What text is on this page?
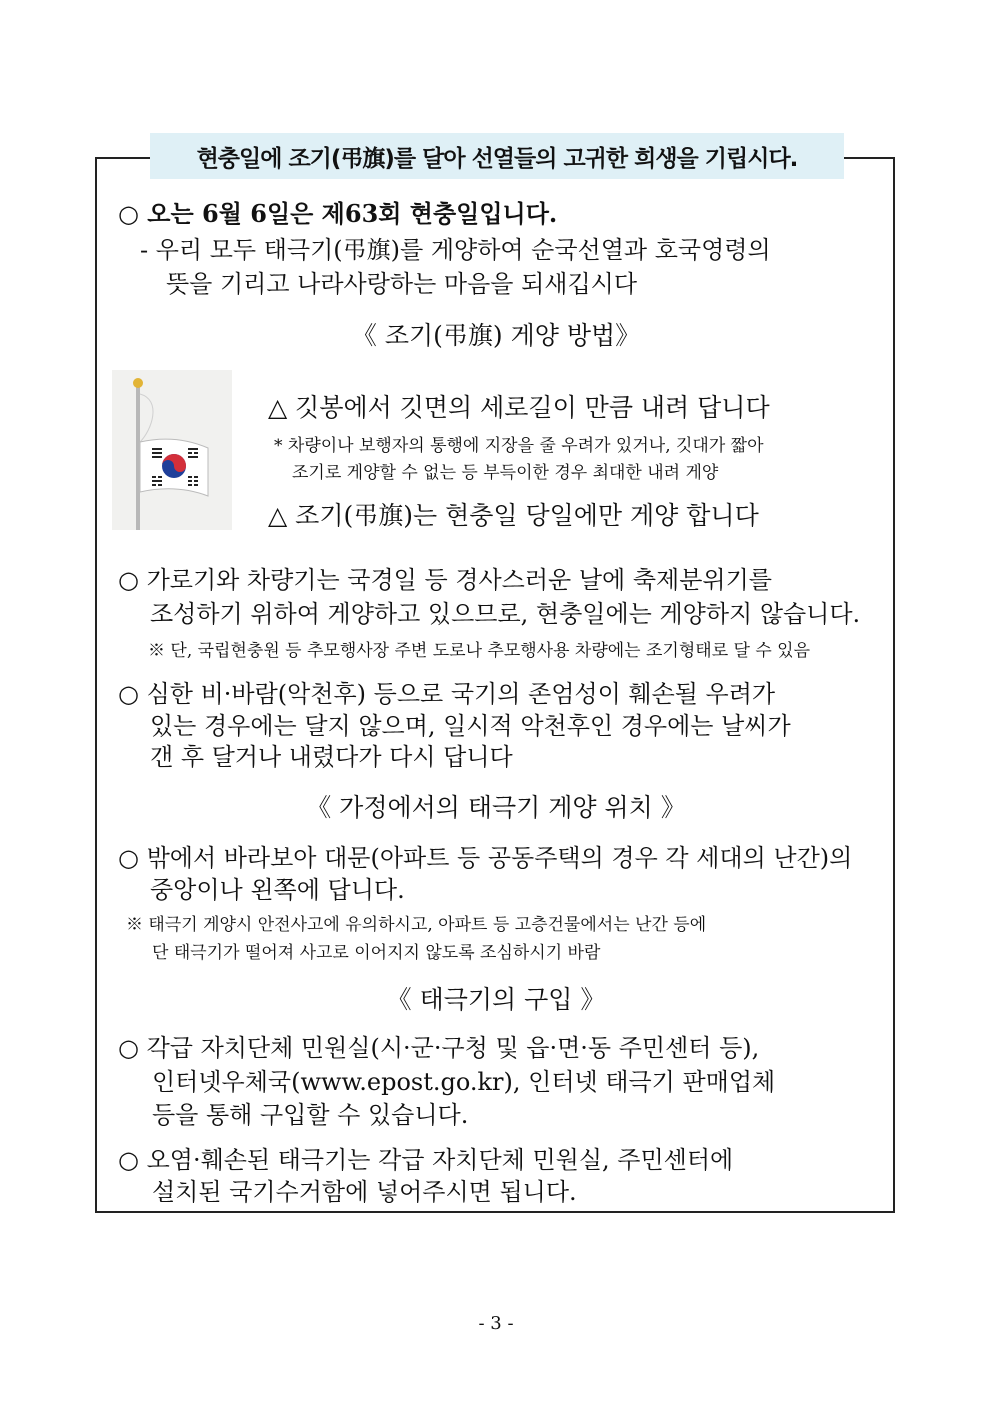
현충일에 조기(弔旗)를 달아 선열들의 고귀한 희생을 기립시다.
○ 오는 6월 6일은 제63회 현충일입니다.
- 우리 모두 태극기(弔旗)를 게양하여 순국선열과 호국영령의
뜻을 기리고 나라사랑하는 마음을 되새깁시다
《 조기(弔旗) 게양 방법》
△ 깃봉에서 깃면의 세로길이 만큼 내려 답니다
* 차량이나 보행자의 통행에 지장을 줄 우려가 있거나, 깃대가 짧아
조기로 게양할 수 없는 등 부득이한 경우 최대한 내려 게양
△ 조기(弔旗)는 현충일 당일에만 게양 합니다
○ 가로기와 차량기는 국경일 등 경사스러운 날에 축제분위기를
조성하기 위하여 게양하고 있으므로, 현충일에는 게양하지 않습니다.
※ 단, 국립현충원 등 추모행사장 주변 도로나 추모행사용 차량에는 조기형태로 달 수 있음
○ 심한 비·바람(악천후) 등으로 국기의 존엄성이 훼손될 우려가
있는 경우에는 달지 않으며, 일시적 악천후인 경우에는 날씨가
갠 후 달거나 내렸다가 다시 답니다
《 가정에서의 태극기 게양 위치 》
○ 밖에서 바라보아 대문(아파트 등 공동주택의 경우 각 세대의 난간)의
중앙이나 왼쪽에 답니다.
※ 태극기 게양시 안전사고에 유의하시고, 아파트 등 고층건물에서는 난간 등에
단 태극기가 떨어져 사고로 이어지지 않도록 조심하시기 바람
《 태극기의 구입 》
○ 각급 자치단체 민원실(시·군·구청 및 읍·면·동 주민센터 등),
인터넷우체국(www.epost.go.kr), 인터넷 태극기 판매업체
등을 통해 구입할 수 있습니다.
○ 오염·훼손된 태극기는 각급 자치단체 민원실, 주민센터에
설치된 국기수거함에 넣어주시면 됩니다.
- 3 -
